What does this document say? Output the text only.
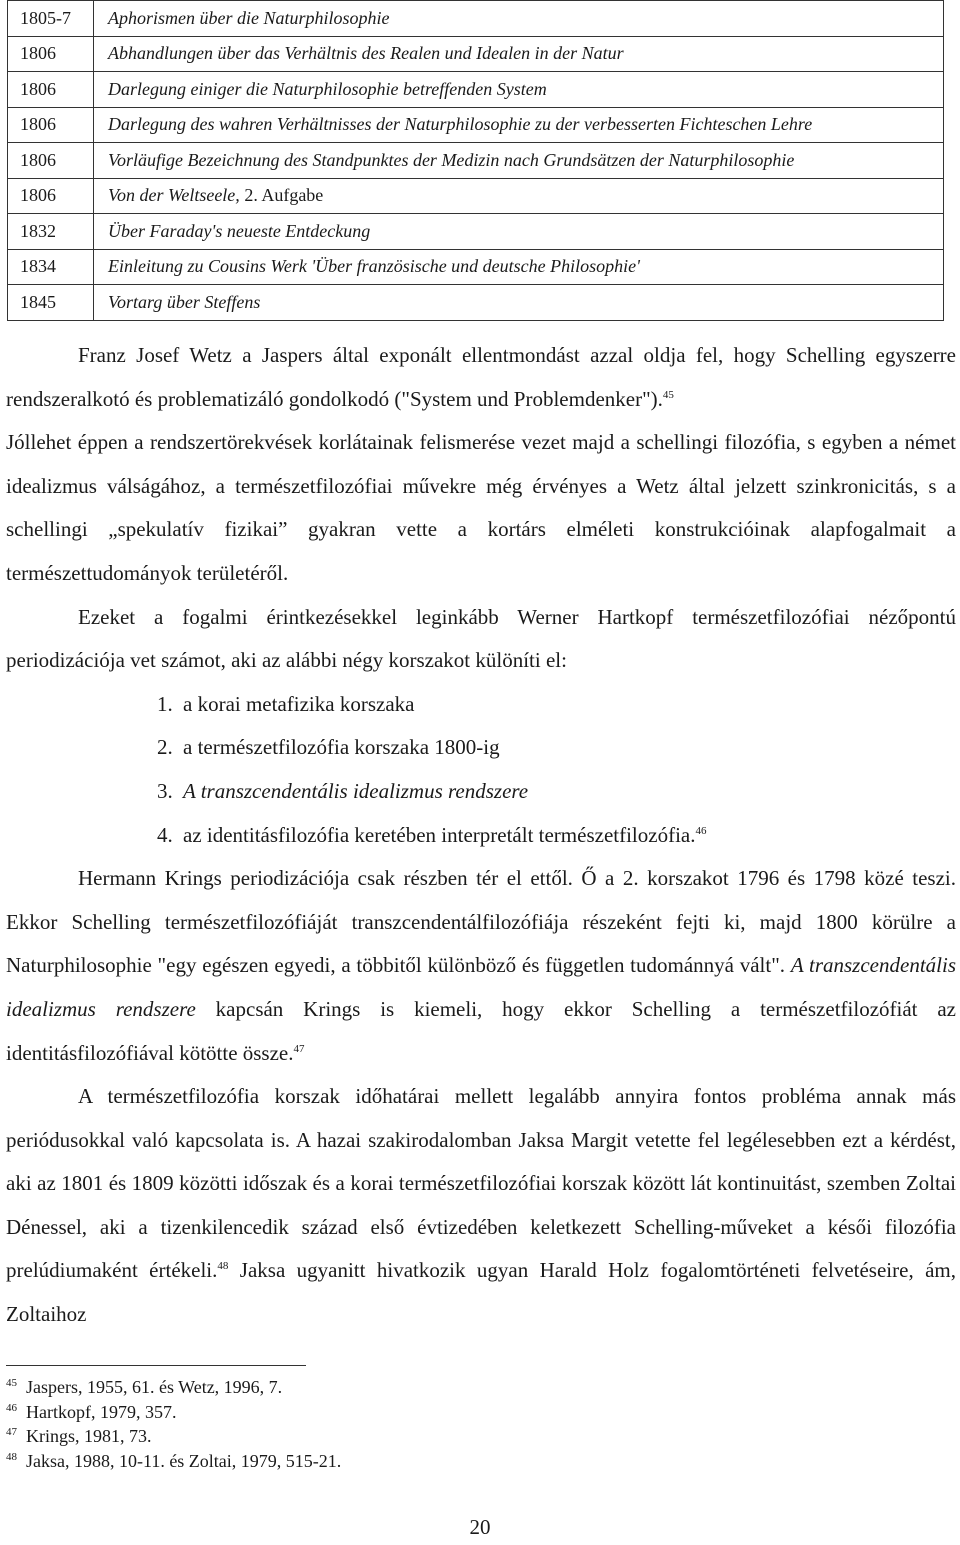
1805-7	Aphorismen über die Naturphilosophie
1806	Abhandlungen über das Verhältnis des Realen und Idealen in der Natur
1806	Darlegung einiger die Naturphilosophie betreffenden System
1806	Darlegung des wahren Verhältnisses der Naturphilosophie zu der verbesserten Fichteschen Lehre
1806	Vorläufige Bezeichnung des Standpunktes der Medizin nach Grundsätzen der Naturphilosophie
1806	Von der Weltseele, 2. Aufgabe
1832	Über Faraday's neueste Entdeckung
1834	Einleitung zu Cousins Werk 'Über französische und deutsche Philosophie'
1845	Vortarg über Steffens

Franz Josef Wetz a Jaspers által exponált ellentmondást azzal oldja fel, hogy Schelling egyszerre rendszeralkotó és problematizáló gondolkodó ("System und Problemdenker").$^{45}$

Jóllehet éppen a rendszertörekvések korlátainak felismerése vezet majd a schellingi filozófia, s egyben a német idealizmus válságához, a természetfilozófiai művekre még érvényes a Wetz által jelzett szinkronicitás, s a schellingi „spekulatív fizikai” gyakran vette a kortárs elméleti konstrukcióinak alapfogalmait a természettudományok területéről.

Ezeket a fogalmi érintkezésekkel leginkább Werner Hartkopf természetfilozófiai nézőpontú periodizációja vet számot, aki az alábbi négy korszakot különíti el:

1. a korai metafizika korszaka
2. a természetfilozófia korszaka 1800-ig
3. A transzcendentális idealizmus rendszere
4. az identitásfilozófia keretében interpretált természetfilozófia.$^{46}$

Hermann Krings periodizációja csak részben tér el ettől. Ő a 2. korszakot 1796 és 1798 közé teszi. Ekkor Schelling természetfilozófiáját transzcendentálfilozófiája részeként fejti ki, majd 1800 körülre a Naturphilosophie "egy egészen egyedi, a többitől különböző és független tudománnyá vált". A transzcendentális idealizmus rendszere kapcsán Krings is kiemeli, hogy ekkor Schelling a természetfilozófiát az identitásfilozófiával kötötte össze.$^{47}$

A természetfilozófia korszak időhatárai mellett legalább annyira fontos probléma annak más periódusokkal való kapcsolata is. A hazai szakirodalomban Jaksa Margit vetette fel legélesebben ezt a kérdést, aki az 1801 és 1809 közötti időszak és a korai természetfilozófiai korszak között lát kontinuitást, szemben Zoltai Dénessel, aki a tizenkilencedik század első évtizedében keletkezett Schelling-műveket a késői filozófia prelúdiumaként értékeli.$^{48}$ Jaksa ugyanitt hivatkozik ugyan Harald Holz fogalomtörténeti felvetéseire, ám, Zoltaihoz

$^{45}$ Jaspers, 1955, 61. és Wetz, 1996, 7.
$^{46}$ Hartkopf, 1979, 357.
$^{47}$ Krings, 1981, 73.
$^{48}$ Jaksa, 1988, 10-11. és Zoltai, 1979, 515-21.
20
